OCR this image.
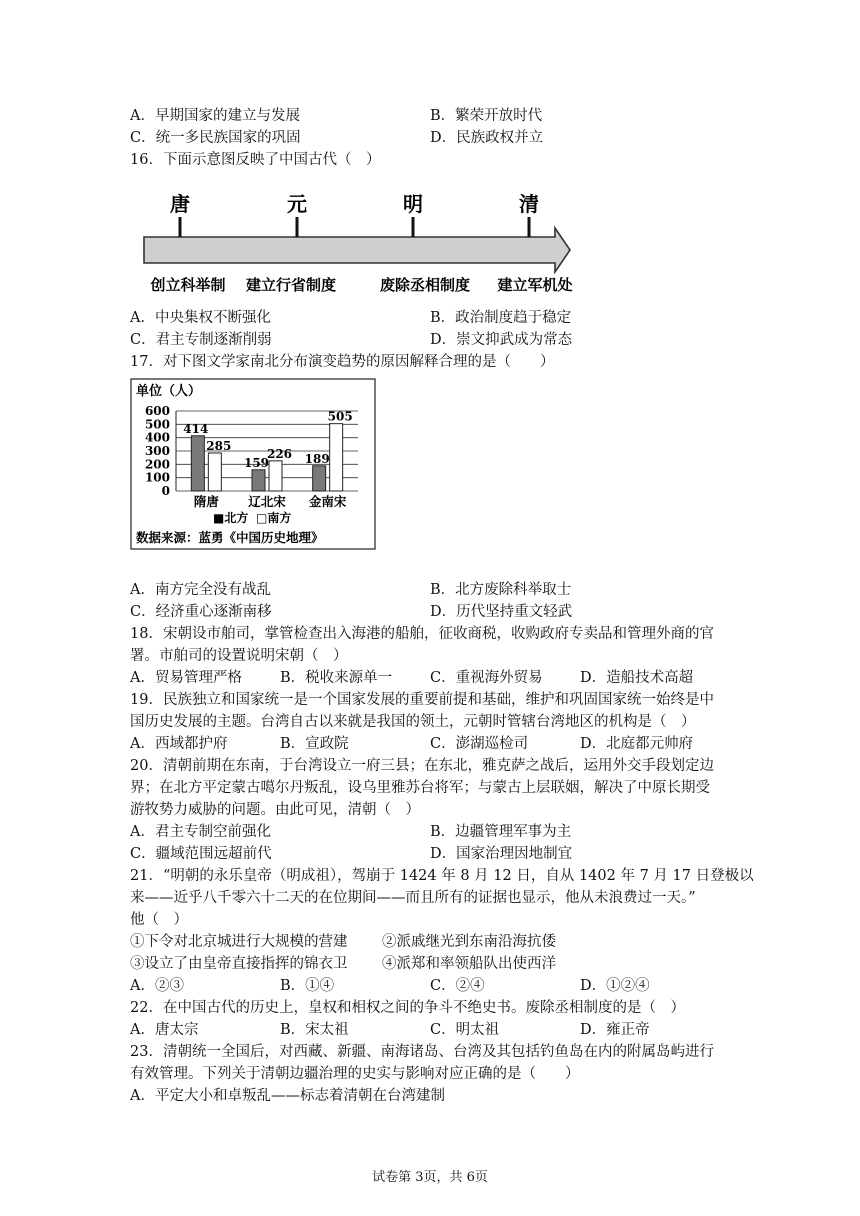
A．早期国家的建立与发展	B．繁荣开放时代
C．统一多民族国家的巩固	D．民族政权并立
16．下面示意图反映了中国古代（　）
唐	元	明	清
创立科举制 建立行省制度	废除丞相制度 建立军机处
A．中央集权不断强化	B．政治制度趋于稳定
C．君主专制逐渐削弱	D．崇文抑武成为常态
17．对下图文学家南北分布演变趋势的原因解释合理的是（　　）
单位（人）
0
100
200
300
400
500
600
414
285
隋唐
159
226
辽北宋
189
505
金南宋
■北方 □南方
数据来源：蓝勇《中国历史地理》
A．南方完全没有战乱	B．北方废除科举取士
C．经济重心逐渐南移	D．历代坚持重文轻武
18．宋朝设市舶司，掌管检查出入海港的船舶，征收商税，收购政府专卖品和管理外商的官
署。市舶司的设置说明宋朝（　）
A．贸易管理严格	B．税收来源单一	C．重视海外贸易	D．造船技术高超
19．民族独立和国家统一是一个国家发展的重要前提和基础，维护和巩固国家统一始终是中
国历史发展的主题。台湾自古以来就是我国的领土，元朝时管辖台湾地区的机构是（　）
A．西域都护府	B．宣政院	C．澎湖巡检司	D．北庭都元帅府
20．清朝前期在东南，于台湾设立一府三县；在东北，雅克萨之战后，运用外交手段划定边
界；在北方平定蒙古噶尔丹叛乱，设乌里雅苏台将军；与蒙古上层联姻，解决了中原长期受
游牧势力威胁的问题。由此可见，清朝（　）
A．君主专制空前强化	B．边疆管理军事为主
C．疆域范围远超前代	D．国家治理因地制宜
21．“明朝的永乐皇帝（明成祖），驾崩于 1424 年 8 月 12 日，自从 1402 年 7 月 17 日登极以
来——近乎八千零六十二天的在位期间——而且所有的证据也显示，他从未浪费过一天。”
他（　）
①下令对北京城进行大规模的营建 ②派戚继光到东南沿海抗倭
③设立了由皇帝直接指挥的锦衣卫 ④派郑和率领船队出使西洋
A．②③	B．①④	C．②④	D．①②④
22．在中国古代的历史上，皇权和相权之间的争斗不绝史书。废除丞相制度的是（　）
A．唐太宗	B．宋太祖	C．明太祖	D．雍正帝
23．清朝统一全国后，对西藏、新疆、南海诸岛、台湾及其包括钓鱼岛在内的附属岛屿进行
有效管理。下列关于清朝边疆治理的史实与影响对应正确的是（　　）
A．平定大小和卓叛乱——标志着清朝在台湾建制
试卷第 3页，共 6页
